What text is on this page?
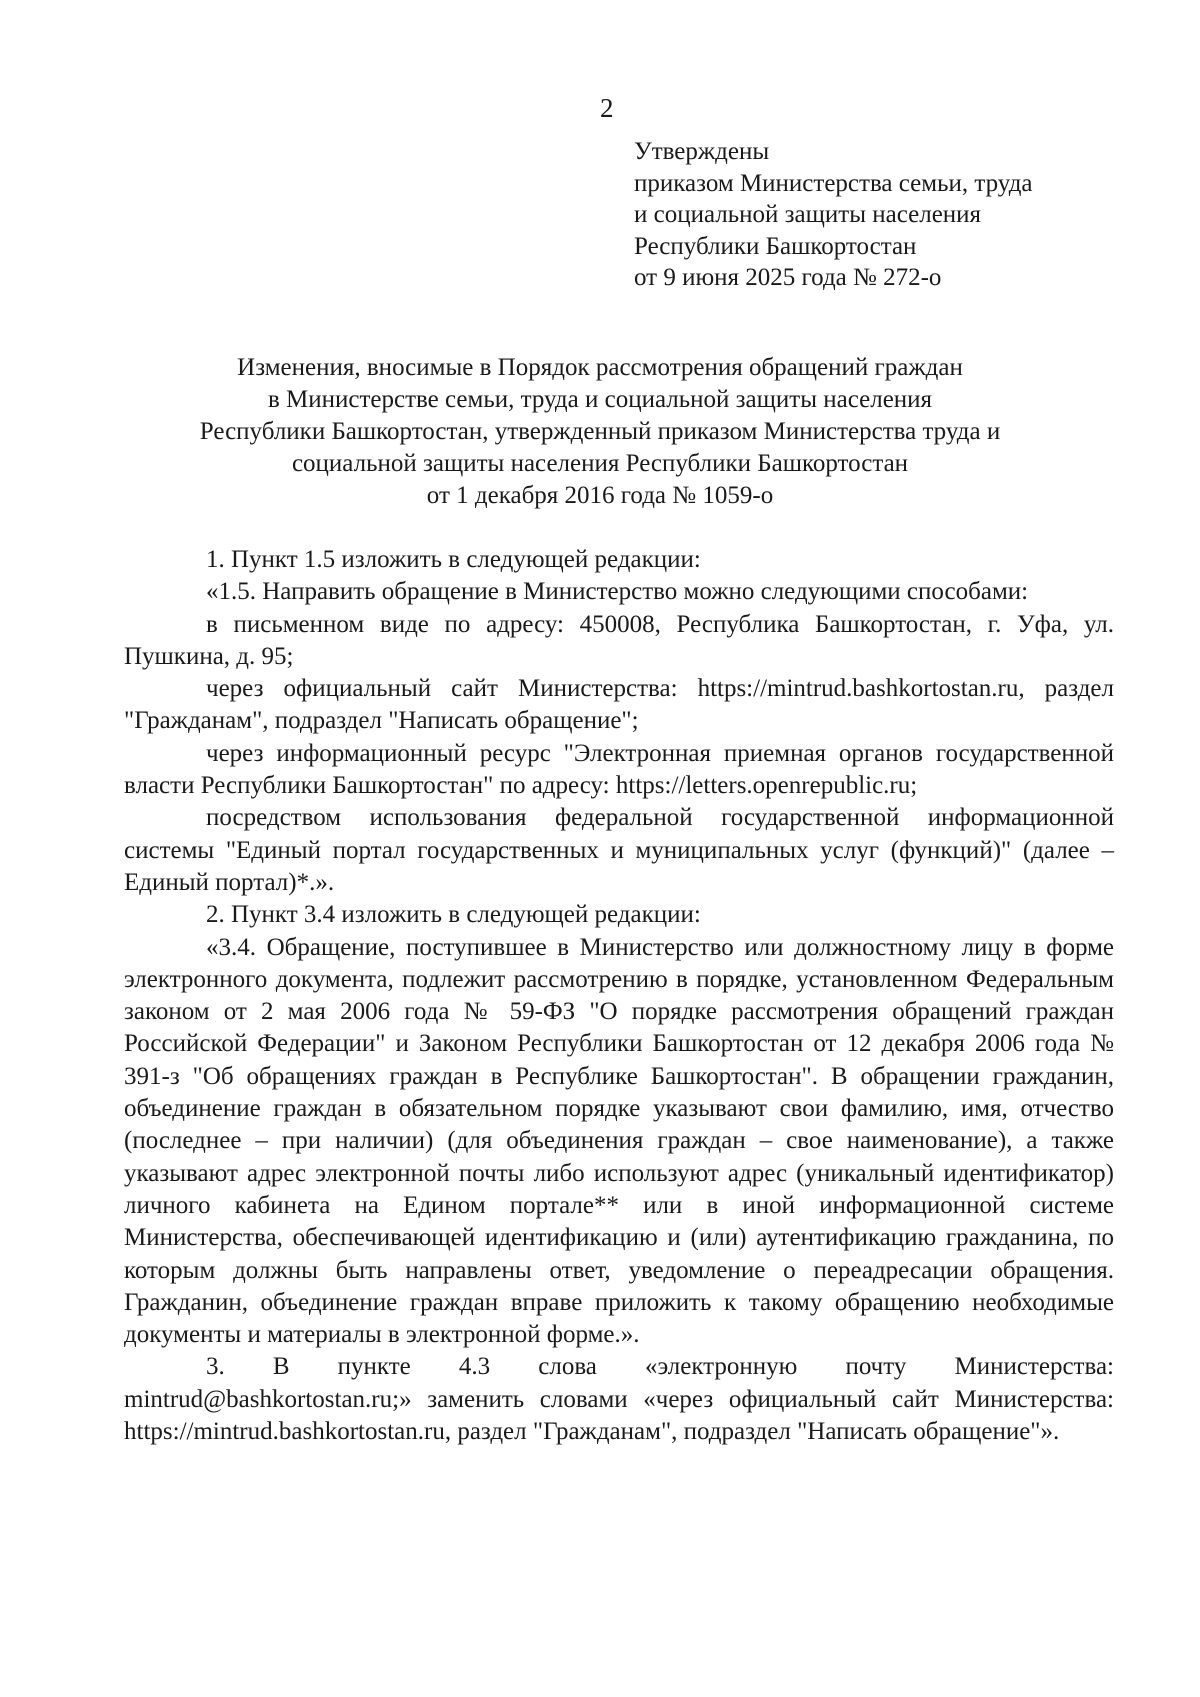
2
Утверждены
приказом Министерства семьи, труда
и социальной защиты населения
Республики Башкортостан
от 9 июня 2025 года № 272-о
Изменения, вносимые в Порядок рассмотрения обращений граждан
в Министерстве семьи, труда и социальной защиты населения
Республики Башкортостан, утвержденный приказом Министерства труда и
социальной защиты населения Республики Башкортостан
от 1 декабря 2016 года № 1059-о

1. Пункт 1.5 изложить в следующей редакции:

«1.5. Направить обращение в Министерство можно следующими способами:

в письменном виде по адресу: 450008, Республика Башкортостан, г. Уфа, ул. Пушкина, д. 95;

через официальный сайт Министерства: https://mintrud.bashkortostan.ru, раздел "Гражданам", подраздел "Написать обращение";

через информационный ресурс "Электронная приемная органов государственной власти Республики Башкортостан" по адресу: https://letters.openrepublic.ru;

посредством использования федеральной государственной информационной системы "Единый портал государственных и муниципальных услуг (функций)" (далее – Единый портал)*.».

2. Пункт 3.4 изложить в следующей редакции:

«3.4. Обращение, поступившее в Министерство или должностному лицу в форме электронного документа, подлежит рассмотрению в порядке, установленном Федеральным законом от 2 мая 2006 года № 59-ФЗ "О порядке рассмотрения обращений граждан Российской Федерации" и Законом Республики Башкортостан от 12 декабря 2006 года № 391-з "Об обращениях граждан в Республике Башкортостан". В обращении гражданин, объединение граждан в обязательном порядке указывают свои фамилию, имя, отчество (последнее – при наличии) (для объединения граждан – свое наименование), а также указывают адрес электронной почты либо используют адрес (уникальный идентификатор) личного кабинета на Едином портале** или в иной информационной системе Министерства, обеспечивающей идентификацию и (или) аутентификацию гражданина, по которым должны быть направлены ответ, уведомление о переадресации обращения. Гражданин, объединение граждан вправе приложить к такому обращению необходимые документы и материалы в электронной форме.».

3. В пункте 4.3 слова «электронную почту Министерства: mintrud@bashkortostan.ru;» заменить словами «через официальный сайт Министерства: https://mintrud.bashkortostan.ru, раздел "Гражданам", подраздел "Написать обращение"».
